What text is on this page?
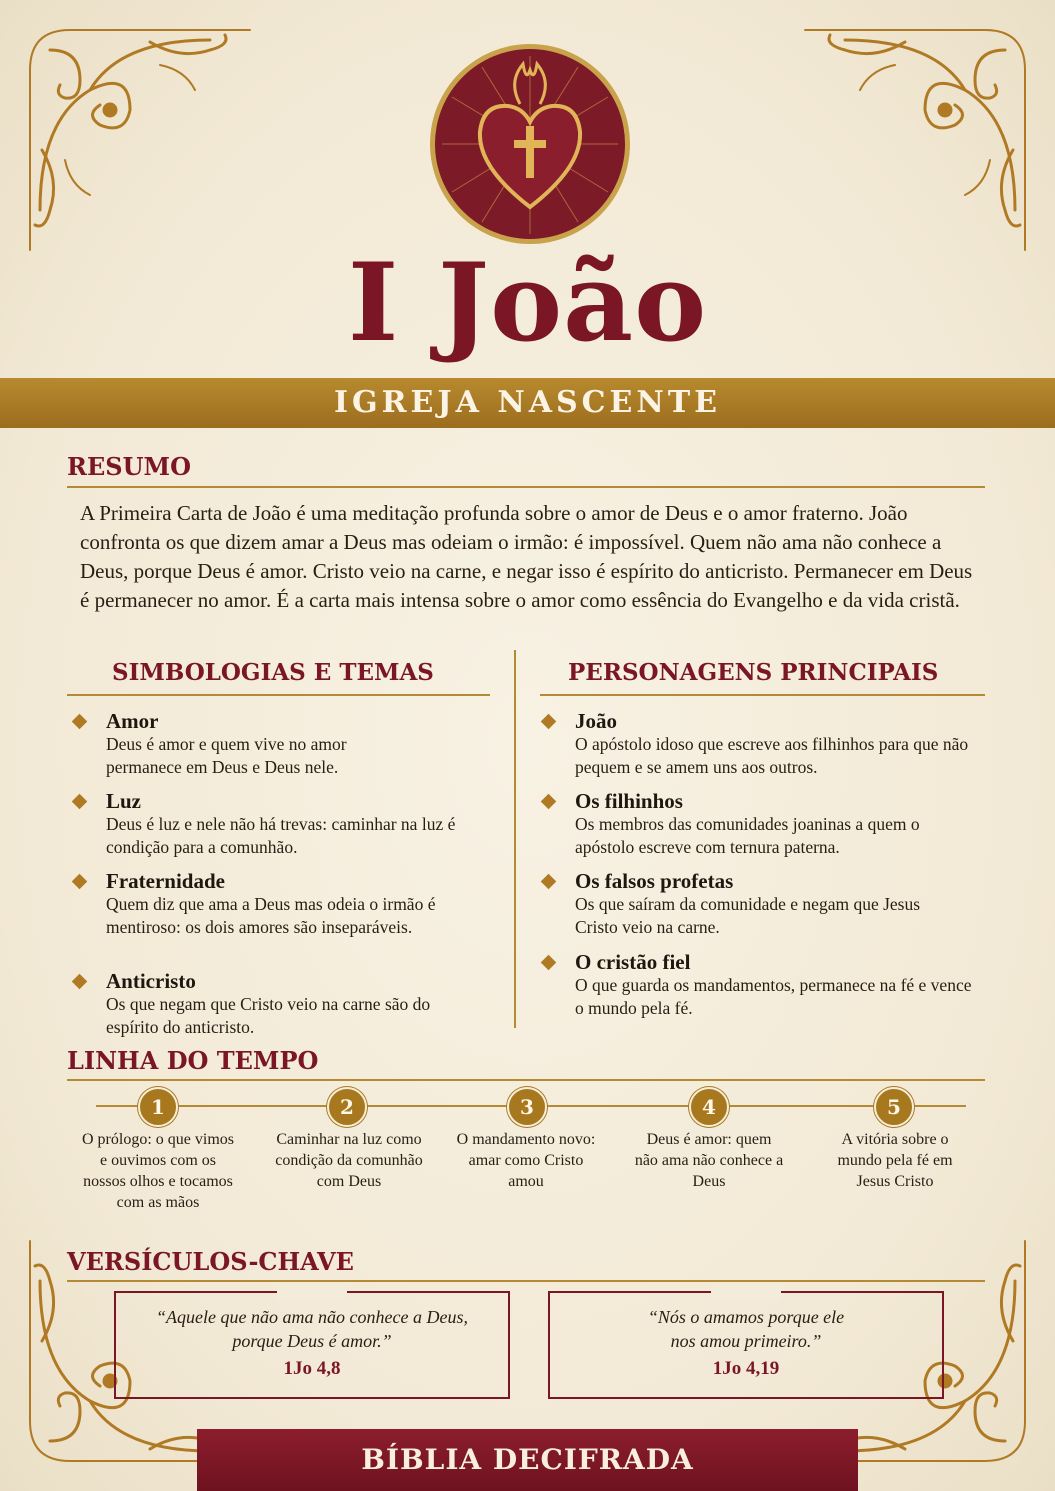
I João
IGREJA NASCENTE
RESUMO
A Primeira Carta de João é uma meditação profunda sobre o amor de Deus e o amor fraterno. João confronta os que dizem amar a Deus mas odeiam o irmão: é impossível. Quem não ama não conhece a Deus, porque Deus é amor. Cristo veio na carne, e negar isso é espírito do anticristo. Permanecer em Deus é permanecer no amor. É a carta mais intensa sobre o amor como essência do Evangelho e da vida cristã.
SIMBOLOGIAS E TEMAS
Amor
Deus é amor e quem vive no amor permanece em Deus e Deus nele.
Luz
Deus é luz e nele não há trevas: caminhar na luz é condição para a comunhão.
Fraternidade
Quem diz que ama a Deus mas odeia o irmão é mentiroso: os dois amores são inseparáveis.
Anticristo
Os que negam que Cristo veio na carne são do espírito do anticristo.
PERSONAGENS PRINCIPAIS
João
O apóstolo idoso que escreve aos filhinhos para que não pequem e se amem uns aos outros.
Os filhinhos
Os membros das comunidades joaninas a quem o apóstolo escreve com ternura paterna.
Os falsos profetas
Os que saíram da comunidade e negam que Jesus Cristo veio na carne.
O cristão fiel
O que guarda os mandamentos, permanece na fé e vence o mundo pela fé.
LINHA DO TEMPO
1	2	3	4	5
O prólogo: o que vimos e ouvimos com os nossos olhos e tocamos com as mãos
Caminhar na luz como condição da comunhão com Deus
O mandamento novo: amar como Cristo amou
Deus é amor: quem não ama não conhece a Deus
A vitória sobre o mundo pela fé em Jesus Cristo
VERSÍCULOS-CHAVE
“Aquele que não ama não conhece a Deus, porque Deus é amor.”
1Jo 4,8
“Nós o amamos porque ele nos amou primeiro.”
1Jo 4,19
BÍBLIA DECIFRADA
